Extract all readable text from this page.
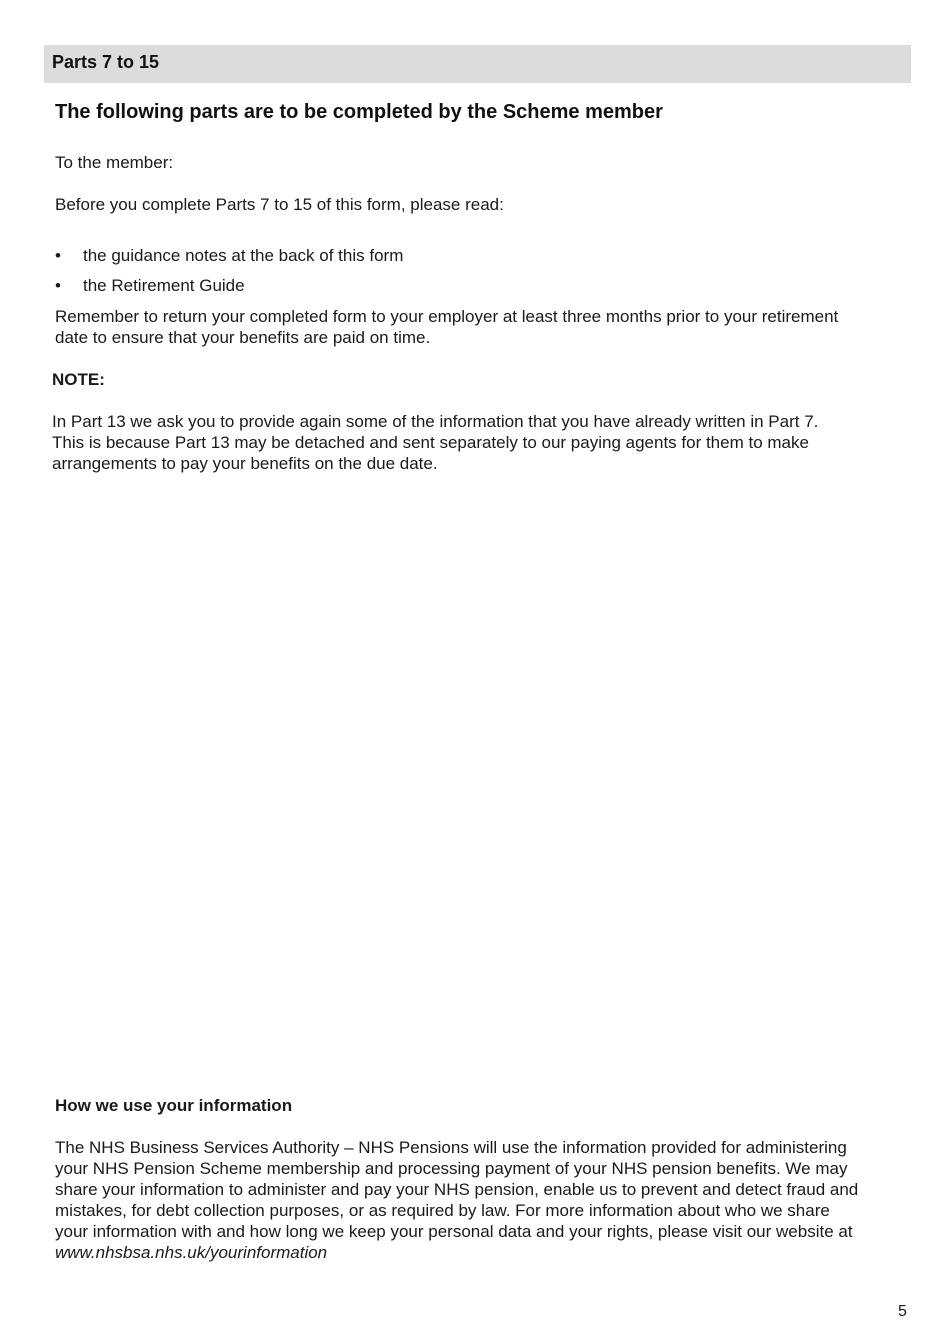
Parts 7 to 15
The following parts are to be completed by the Scheme member
To the member:
Before you complete Parts 7 to 15 of this form, please read:
• the guidance notes at the back of this form
• the Retirement Guide
Remember to return your completed form to your employer at least three months prior to your retirement
date to ensure that your benefits are paid on time.
NOTE:
In Part 13 we ask you to provide again some of the information that you have already written in Part 7.
This is because Part 13 may be detached and sent separately to our paying agents for them to make
arrangements to pay your benefits on the due date.
How we use your information
The NHS Business Services Authority – NHS Pensions will use the information provided for administering
your NHS Pension Scheme membership and processing payment of your NHS pension benefits. We may
share your information to administer and pay your NHS pension, enable us to prevent and detect fraud and
mistakes, for debt collection purposes, or as required by law. For more information about who we share
your information with and how long we keep your personal data and your rights, please visit our website at
www.nhsbsa.nhs.uk/yourinformation
5
